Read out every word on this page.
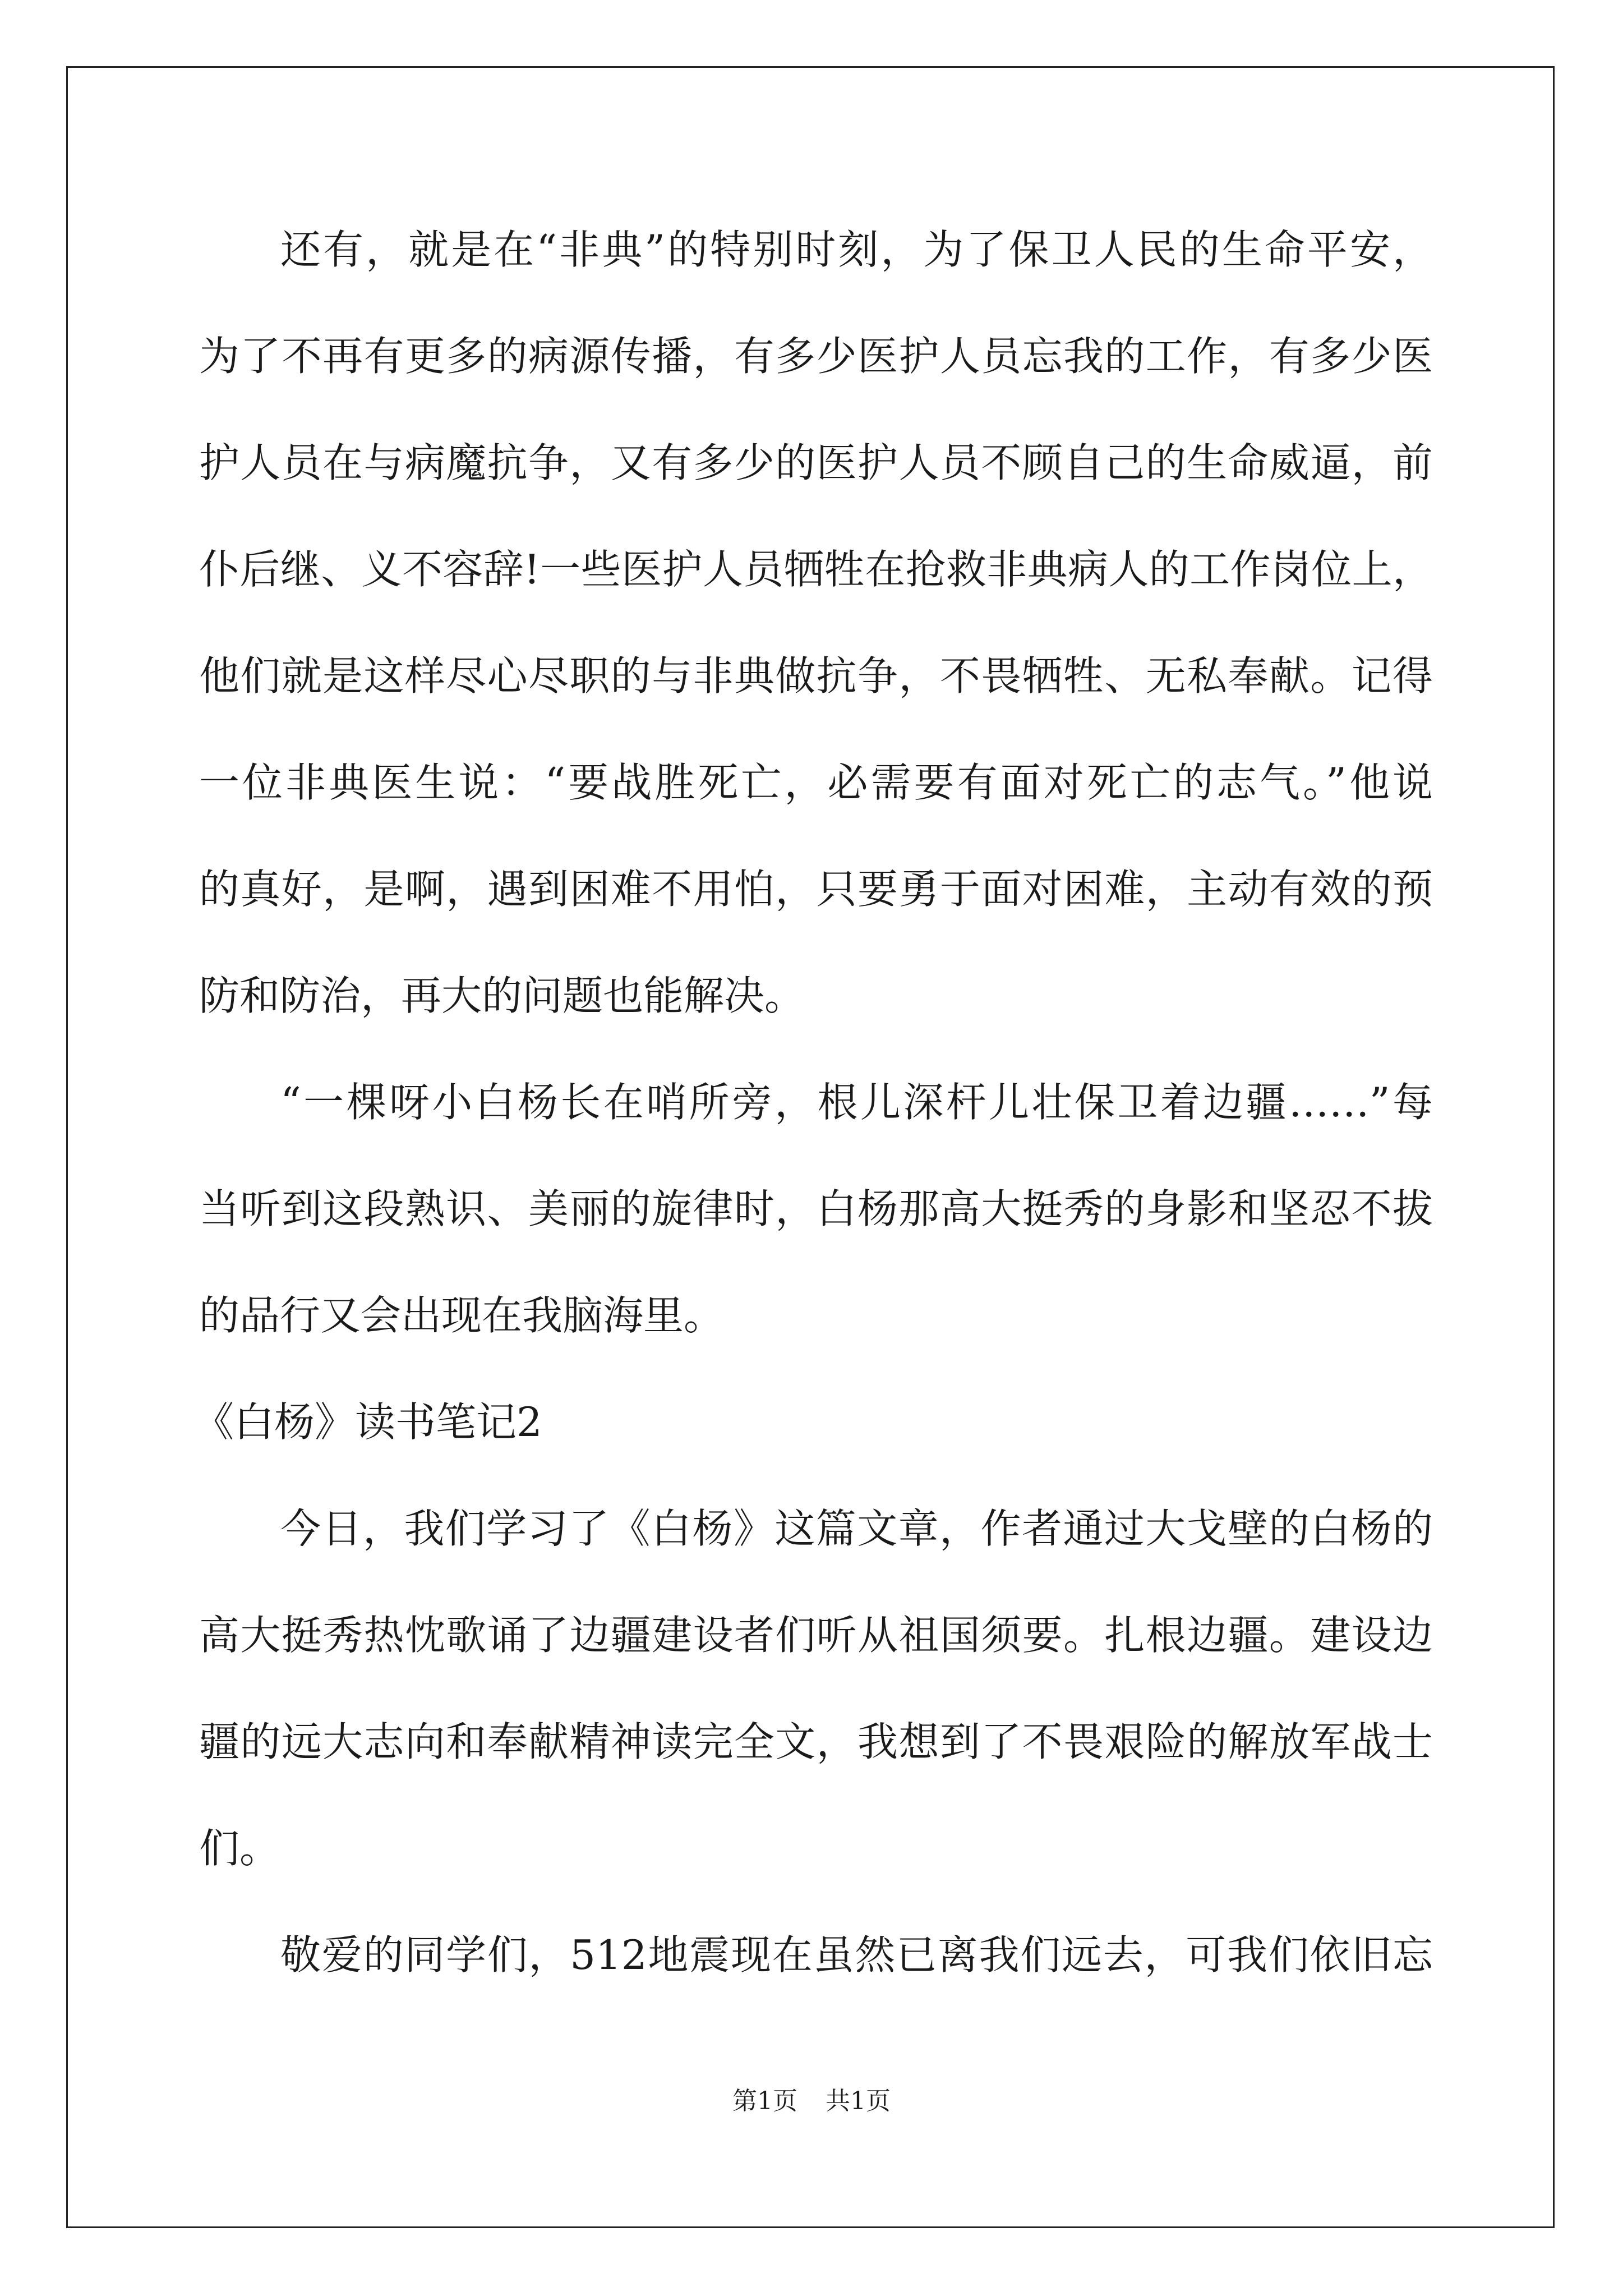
还有，就是在“非典”的特别时刻，为了保卫人民的生命平安，
为了不再有更多的病源传播，有多少医护人员忘我的工作，有多少医
护人员在与病魔抗争，又有多少的医护人员不顾自己的生命威逼，前
仆后继、义不容辞!一些医护人员牺牲在抢救非典病人的工作岗位上，
他们就是这样尽心尽职的与非典做抗争，不畏牺牲、无私奉献。记得
一位非典医生说：“要战胜死亡，必需要有面对死亡的志气。”他说
的真好，是啊，遇到困难不用怕，只要勇于面对困难，主动有效的预
防和防治，再大的问题也能解决。
“一棵呀小白杨长在哨所旁，根儿深杆儿壮保卫着边疆……”每
当听到这段熟识、美丽的旋律时，白杨那高大挺秀的身影和坚忍不拔
的品行又会出现在我脑海里。
《白杨》读书笔记2
今日，我们学习了《白杨》这篇文章，作者通过大戈壁的白杨的
高大挺秀热忱歌诵了边疆建设者们听从祖国须要。扎根边疆。建设边
疆的远大志向和奉献精神读完全文，我想到了不畏艰险的解放军战士
们。
敬爱的同学们，512地震现在虽然已离我们远去，可我们依旧忘
第1页 共1页
